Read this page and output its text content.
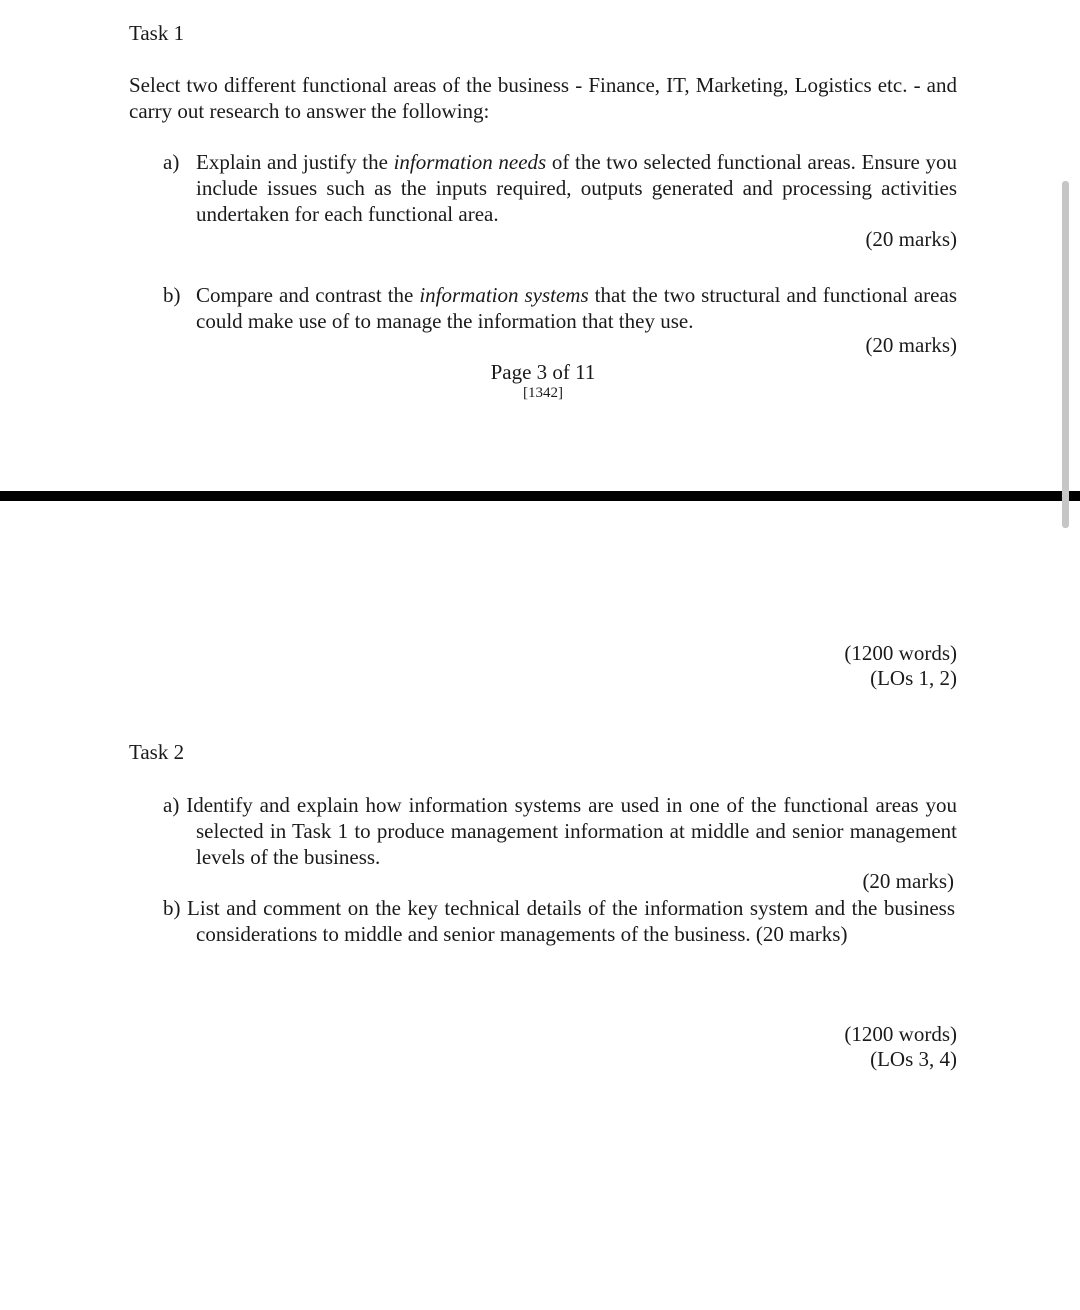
Task 1

Select two different functional areas of the business - Finance, IT, Marketing, Logistics etc. - and carry out research to answer the following:

a) Explain and justify the information needs of the two selected functional areas. Ensure you include issues such as the inputs required, outputs generated and processing activities undertaken for each functional area.
(20 marks)
b) Compare and contrast the information systems that the two structural and functional areas could make use of to manage the information that they use.
(20 marks)
Page 3 of 11
[1342]
(1200 words)
(LOs 1, 2)
Task 2
a) Identify and explain how information systems are used in one of the functional areas you selected in Task 1 to produce management information at middle and senior management levels of the business.
(20 marks)
b) List and comment on the key technical details of the information system and the business considerations to middle and senior managements of the business. (20 marks)
(1200 words)
(LOs 3, 4)
